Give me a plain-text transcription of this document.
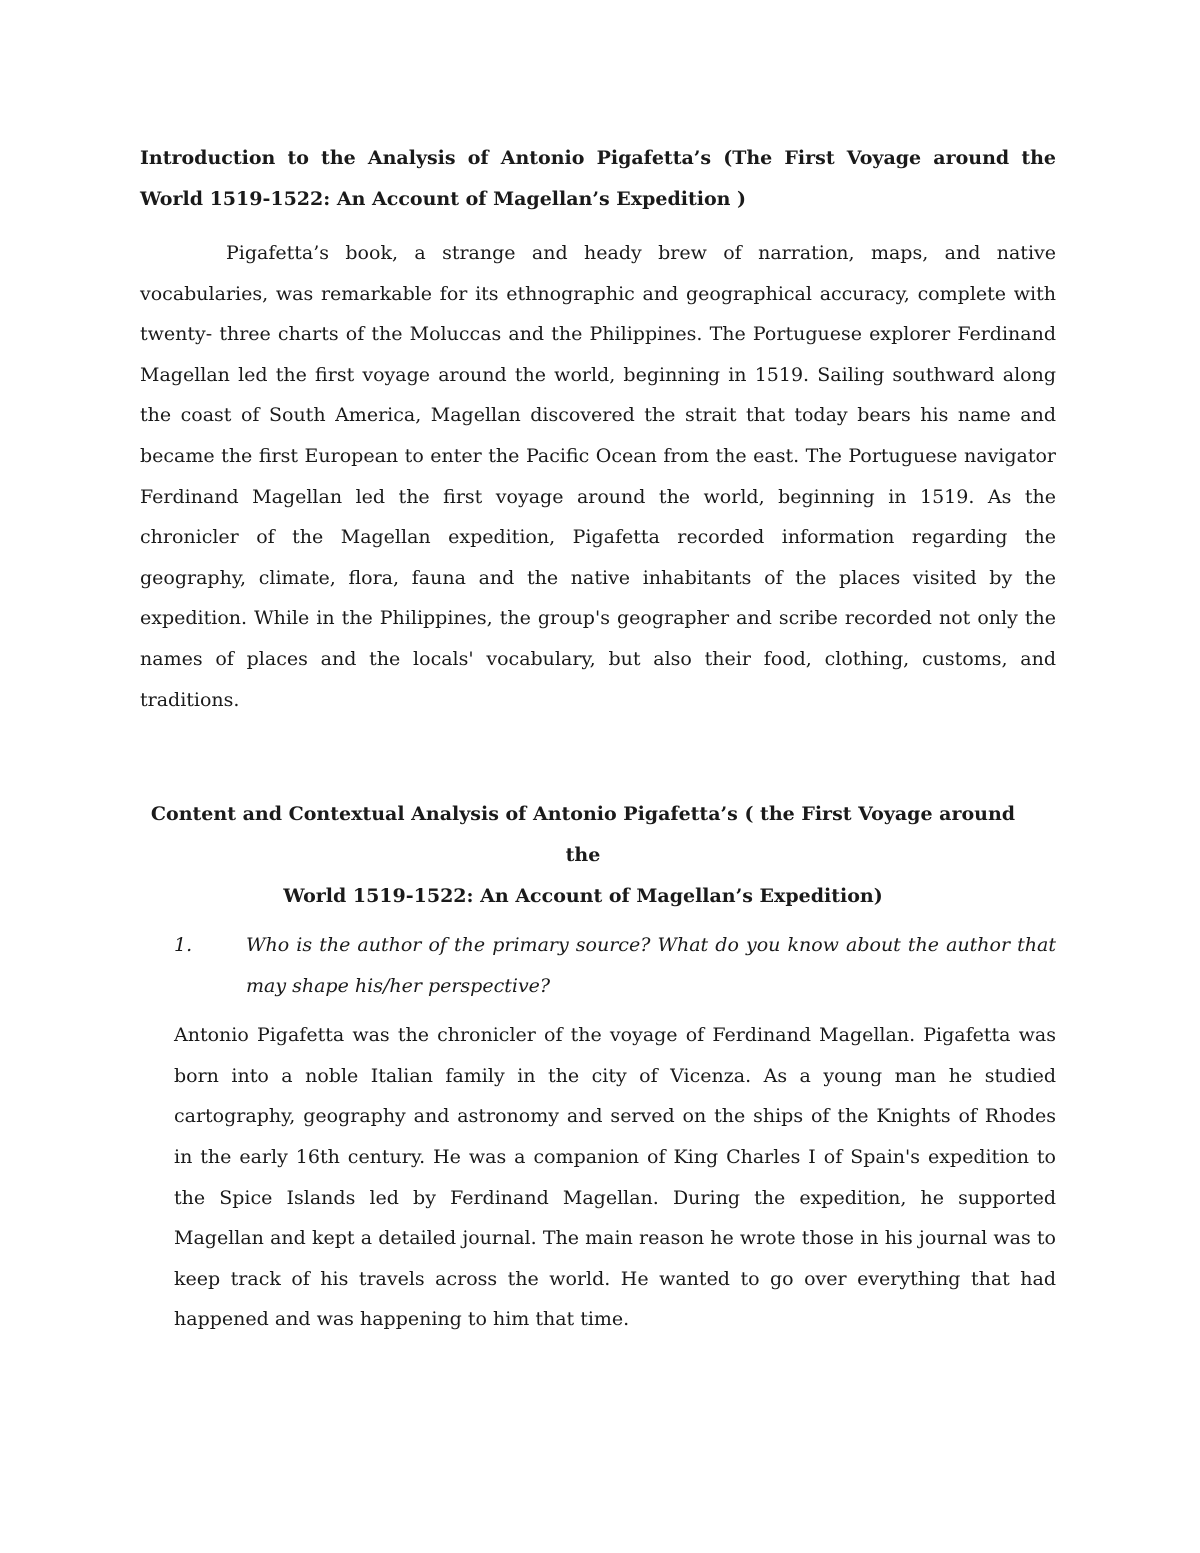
Introduction to the Analysis of Antonio Pigafetta’s (The First Voyage around the World 1519-1522: An Account of Magellan’s Expedition )

Pigafetta’s book, a strange and heady brew of narration, maps, and native vocabularies, was remarkable for its ethnographic and geographical accuracy, complete with twenty- three charts of the Moluccas and the Philippines. The Portuguese explorer Ferdinand Magellan led the first voyage around the world, beginning in 1519. Sailing southward along the coast of South America, Magellan discovered the strait that today bears his name and became the first European to enter the Pacific Ocean from the east. The Portuguese navigator Ferdinand Magellan led the first voyage around the world, beginning in 1519. As the chronicler of the Magellan expedition, Pigafetta recorded information regarding the geography, climate, flora, fauna and the native inhabitants of the places visited by the expedition. While in the Philippines, the group's geographer and scribe recorded not only the names of places and the locals' vocabulary, but also their food, clothing, customs, and traditions.

Content and Contextual Analysis of Antonio Pigafetta’s ( the First Voyage around the
World 1519-1522: An Account of Magellan’s Expedition)
1.	Who is the author of the primary source? What do you know about the author that may shape his/her perspective?

Antonio Pigafetta was the chronicler of the voyage of Ferdinand Magellan. Pigafetta was born into a noble Italian family in the city of Vicenza. As a young man he studied cartography, geography and astronomy and served on the ships of the Knights of Rhodes in the early 16th century. He was a companion of King Charles I of Spain's expedition to the Spice Islands led by Ferdinand Magellan. During the expedition, he supported Magellan and kept a detailed journal. The main reason he wrote those in his journal was to keep track of his travels across the world. He wanted to go over everything that had happened and was happening to him that time.
